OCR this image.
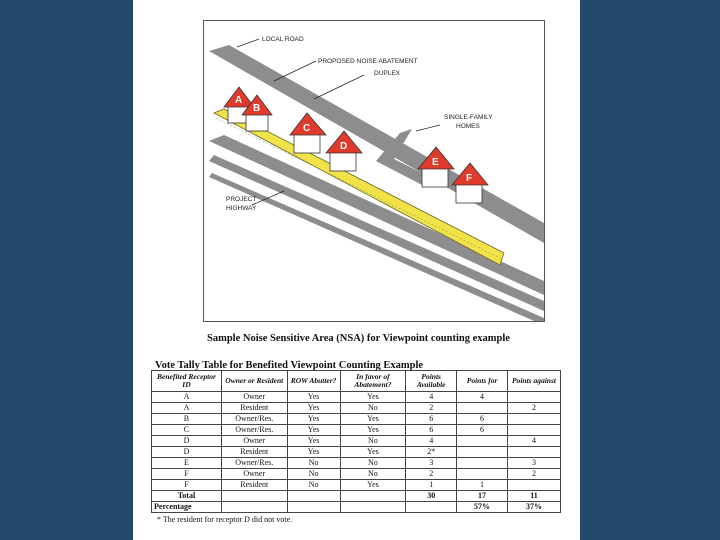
A
B
C
D
E
F
LOCAL ROAD
PROPOSED NOISE ABATEMENT
DUPLEX
SINGLE-FAMILY
HOMES
PROJECT
HIGHWAY
Sample Noise Sensitive Area (NSA) for Viewpoint counting example
Vote Tally Table for Benefited Viewpoint Counting Example
Benefited Receptor ID	Owner or Resident	ROW Abutter?	In favor of Abatement?	Points Available	Points for	Points against
A	Owner	Yes	Yes	4	4	
A	Resident	Yes	No	2		2
B	Owner/Res.	Yes	Yes	6	6	
C	Owner/Res.	Yes	Yes	6	6	
D	Owner	Yes	No	4		4
D	Resident	Yes	Yes	2*		
E	Owner/Res.	No	No	3		3
F	Owner	No	No	2		2
F	Resident	No	Yes	1	1	
Total				30	17	11
Percentage					57%	37%
* The resident for receptor D did not vote.
